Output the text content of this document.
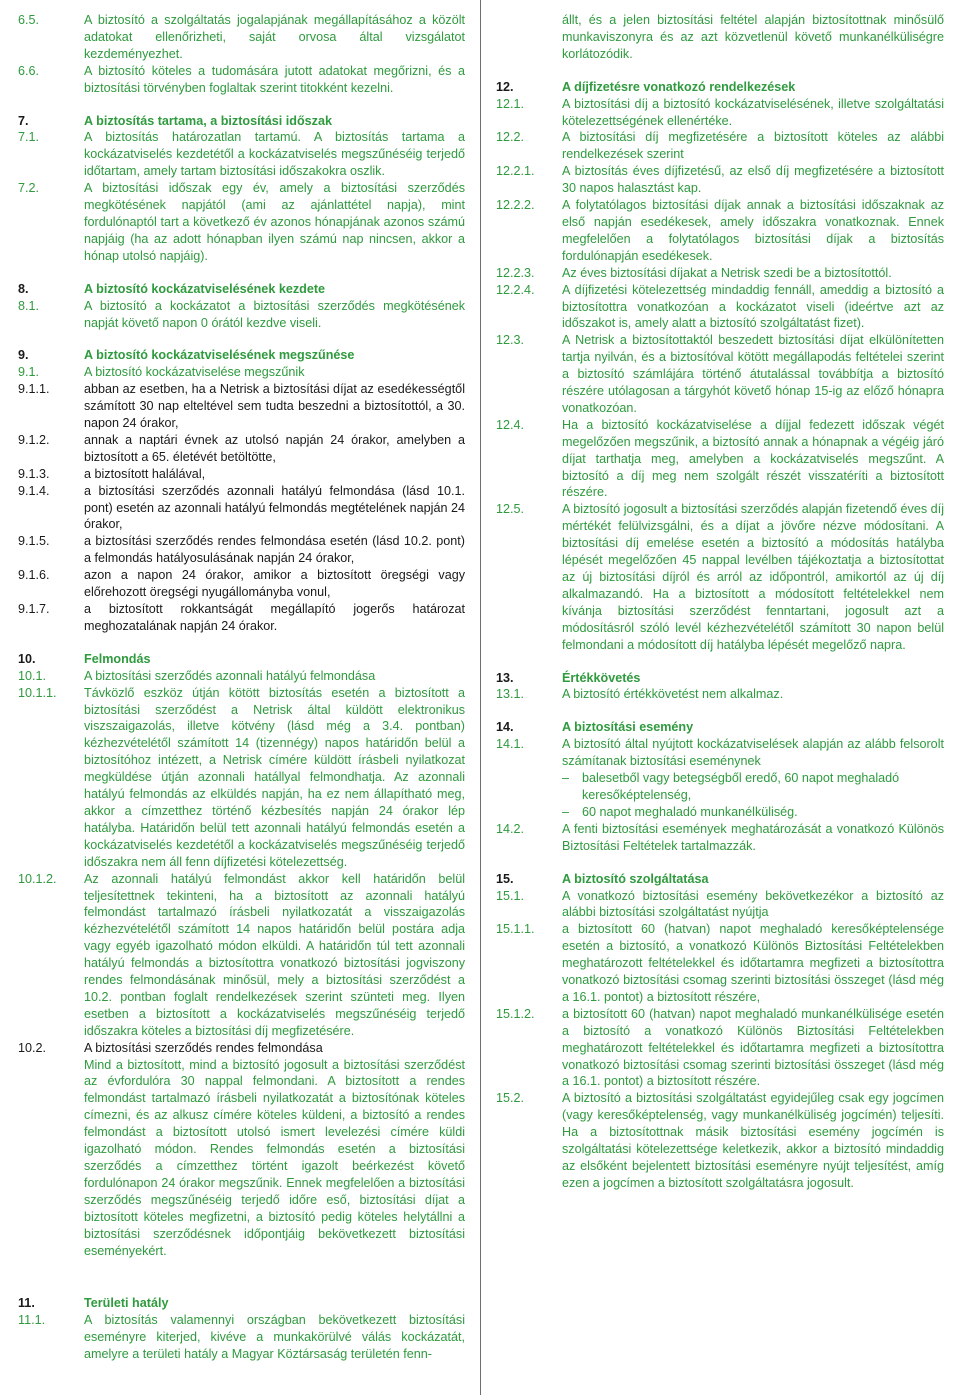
6.5.	A biztosító a szolgáltatás jogalapjának megállapításához a közölt adatokat ellenőrizheti, saját orvosa által vizsgálatot kezdeményezhet.
6.6.	A biztosító köteles a tudomására jutott adatokat megőrizni, és a biztosítási törvényben foglaltak szerint titokként kezelni.
7.	A biztosítás tartama, a biztosítási időszak
7.1.	A biztosítás határozatlan tartamú. A biztosítás tartama a kockázatviselés kezdetétől a kockázatviselés megszűnéséig terjedő időtartam, amely tartam biztosítási időszakokra oszlik.
7.2.	A biztosítási időszak egy év, amely a biztosítási szerződés megkötésének napjától (ami az ajánlattétel napja), mint fordulónaptól tart a következő év azonos hónapjának azonos számú napjáig (ha az adott hónapban ilyen számú nap nincsen, akkor a hónap utolsó napjáig).
8.	A biztosító kockázatviselésének kezdete
8.1.	A biztosító a kockázatot a biztosítási szerződés megkötésének napját követő napon 0 órától kezdve viseli.
9.	A biztosító kockázatviselésének megszűnése
9.1.	A biztosító kockázatviselése megszűnik
9.1.1.	abban az esetben, ha a Netrisk a biztosítási díjat az esedékességtől számított 30 nap elteltével sem tudta beszedni a biztosítottól, a 30. napon 24 órakor,
9.1.2.	annak a naptári évnek az utolsó napján 24 órakor, amelyben a biztosított a 65. életévét betöltötte,
9.1.3.	a biztosított halálával,
9.1.4.	a biztosítási szerződés azonnali hatályú felmondása (lásd 10.1. pont) esetén az azonnali hatályú felmondás megtételének napján 24 órakor,
9.1.5.	a biztosítási szerződés rendes felmondása esetén (lásd 10.2. pont) a felmondás hatályosulásának napján 24 órakor,
9.1.6.	azon a napon 24 órakor, amikor a biztosított öregségi vagy előrehozott öregségi nyugállományba vonul,
9.1.7.	a biztosított rokkantságát megállapító jogerős határozat meghozatalának napján 24 órakor.
10.	Felmondás
10.1.	A biztosítási szerződés azonnali hatályú felmondása
10.1.1.	Távközlő eszköz útján kötött biztosítás esetén a biztosított a biztosítási szerződést a Netrisk által küldött elektronikus viszszaigazolás, illetve kötvény (lásd még a 3.4. pontban) kézhezvételétől számított 14 (tizennégy) napos határidőn belül a biztosítóhoz intézett, a Netrisk címére küldött írásbeli nyilatkozat megküldése útján azonnali hatállyal felmondhatja. Az azonnali hatályú felmondás az elküldés napján, ha ez nem állapítható meg, akkor a címzetthez történő kézbesítés napján 24 órakor lép hatályba. Határidőn belül tett azonnali hatályú felmondás esetén a kockázatviselés kezdetétől a kockázatviselés megszűnéséig terjedő időszakra nem áll fenn díjfizetési kötelezettség.
10.1.2.	Az azonnali hatályú felmondást akkor kell határidőn belül teljesítettnek tekinteni, ha a biztosított az azonnali hatályú felmondást tartalmazó írásbeli nyilatkozatát a visszaigazolás kézhezvételétől számított 14 napos határidőn belül postára adja vagy egyéb igazolható módon elküldi. A határidőn túl tett azonnali hatályú felmondás a biztosítottra vonatkozó biztosítási jogviszony rendes felmondásának minősül, mely a biztosítási szerződést a 10.2. pontban foglalt rendelkezések szerint szünteti meg. Ilyen esetben a biztosított a kockázatviselés megszűnéséig terjedő időszakra köteles a biztosítási díj megfizetésére.
10.2.	A biztosítási szerződés rendes felmondása
Mind a biztosított, mind a biztosító jogosult a biztosítási szerződést az évfordulóra 30 nappal felmondani. A biztosított a rendes felmondást tartalmazó írásbeli nyilatkozatát a biztosítónak köteles címezni, és az alkusz címére köteles küldeni, a biztosító a rendes felmondást a biztosított utolsó ismert levelezési címére küldi igazolható módon. Rendes felmondás esetén a biztosítási szerződés a címzetthez történt igazolt beérkezést követő fordulónapon 24 órakor megszűnik. Ennek megfelelően a biztosítási szerződés megszűnéséig terjedő időre eső, biztosítási díjat a biztosított köteles megfizetni, a biztosító pedig köteles helytállni a biztosítási szerződésnek időpontjáig bekövetkezett biztosítási eseményekért.
11.	Területi hatály
11.1.	A biztosítás valamennyi országban bekövetkezett biztosítási eseményre kiterjed, kivéve a munkakörülvé válás kockázatát, amelyre a területi hatály a Magyar Köztársaság területén fenn-
állt, és a jelen biztosítási feltétel alapján biztosítottnak minősülő munkaviszonyra és az azt közvetlenül követő munkanélküliségre korlátozódik.
12.	A díjfizetésre vonatkozó rendelkezések
12.1.	A biztosítási díj a biztosító kockázatviselésének, illetve szolgáltatási kötelezettségének ellenértéke.
12.2.	A biztosítási díj megfizetésére a biztosított köteles az alábbi rendelkezések szerint
12.2.1.	A biztosítás éves díjfizetésű, az első díj megfizetésére a biztosított 30 napos halasztást kap.
12.2.2.	A folytatólagos biztosítási díjak annak a biztosítási időszaknak az első napján esedékesek, amely időszakra vonatkoznak. Ennek megfelelően a folytatólagos biztosítási díjak a biztosítás fordulónapján esedékesek.
12.2.3.	Az éves biztosítási díjakat a Netrisk szedi be a biztosítottól.
12.2.4.	A díjfizetési kötelezettség mindaddig fennáll, ameddig a biztosító a biztosítottra vonatkozóan a kockázatot viseli (ideértve azt az időszakot is, amely alatt a biztosító szolgáltatást fizet).
12.3.	A Netrisk a biztosítottaktól beszedett biztosítási díjat elkülönítetten tartja nyilván, és a biztosítóval kötött megállapodás feltételei szerint a biztosító számlájára történő átutalással továbbítja a biztosító részére utólagosan a tárgyhót követő hónap 15-ig az előző hónapra vonatkozóan.
12.4.	Ha a biztosító kockázatviselése a díjjal fedezett időszak végét megelőzően megszűnik, a biztosító annak a hónapnak a végéig járó díjat tarthatja meg, amelyben a kockázatviselés megszűnt. A biztosító a díj meg nem szolgált részét visszatéríti a biztosított részére.
12.5.	A biztosító jogosult a biztosítási szerződés alapján fizetendő éves díj mértékét felülvizsgálni, és a díjat a jövőre nézve módosítani. A biztosítási díj emelése esetén a biztosító a módosítás hatályba lépését megelőzően 45 nappal levélben tájékoztatja a biztosítottat az új biztosítási díjról és arról az időpontról, amikortól az új díj alkalmazandó. Ha a biztosított a módosított feltételekkel nem kívánja biztosítási szerződést fenntartani, jogosult azt a módosításról szóló levél kézhezvételétől számított 30 napon belül felmondani a módosított díj hatályba lépését megelőző napra.
13.	Értékkövetés
13.1.	A biztosító értékkövetést nem alkalmaz.
14.	A biztosítási esemény
14.1.	A biztosító által nyújtott kockázatviselések alapján az alább felsorolt számítanak biztosítási eseménynek
–	balesetből vagy betegségből eredő, 60 napot meghaladó keresőképtelenség,
–	60 napot meghaladó munkanélküliség.
14.2.	A fenti biztosítási események meghatározását a vonatkozó Különös Biztosítási Feltételek tartalmazzák.
15.	A biztosító szolgáltatása
15.1.	A vonatkozó biztosítási esemény bekövetkezékor a biztosító az alábbi biztosítási szolgáltatást nyújtja
15.1.1.	a biztosított 60 (hatvan) napot meghaladó keresőképtelensége esetén a biztosító, a vonatkozó Különös Biztosítási Feltételekben meghatározott feltételekkel és időtartamra megfizeti a biztosítottra vonatkozó biztosítási csomag szerinti biztosítási összeget (lásd még a 16.1. pontot) a biztosított részére,
15.1.2.	a biztosított 60 (hatvan) napot meghaladó munkanélkülisége esetén a biztosító a vonatkozó Különös Biztosítási Feltételekben meghatározott feltételekkel és időtartamra megfizeti a biztosítottra vonatkozó biztosítási csomag szerinti biztosítási összeget (lásd még a 16.1. pontot) a biztosított részére.
15.2.	A biztosító a biztosítási szolgáltatást egyidejűleg csak egy jogcímen (vagy keresőképtelenség, vagy munkanélküliség jogcímén) teljesíti. Ha a biztosítottnak másik biztosítási esemény jogcímén is szolgáltatási kötelezettsége keletkezik, akkor a biztosító mindaddig az elsőként bejelentett biztosítási eseményre nyújt teljesítést, amíg ezen a jogcímen a biztosított szolgáltatásra jogosult.
